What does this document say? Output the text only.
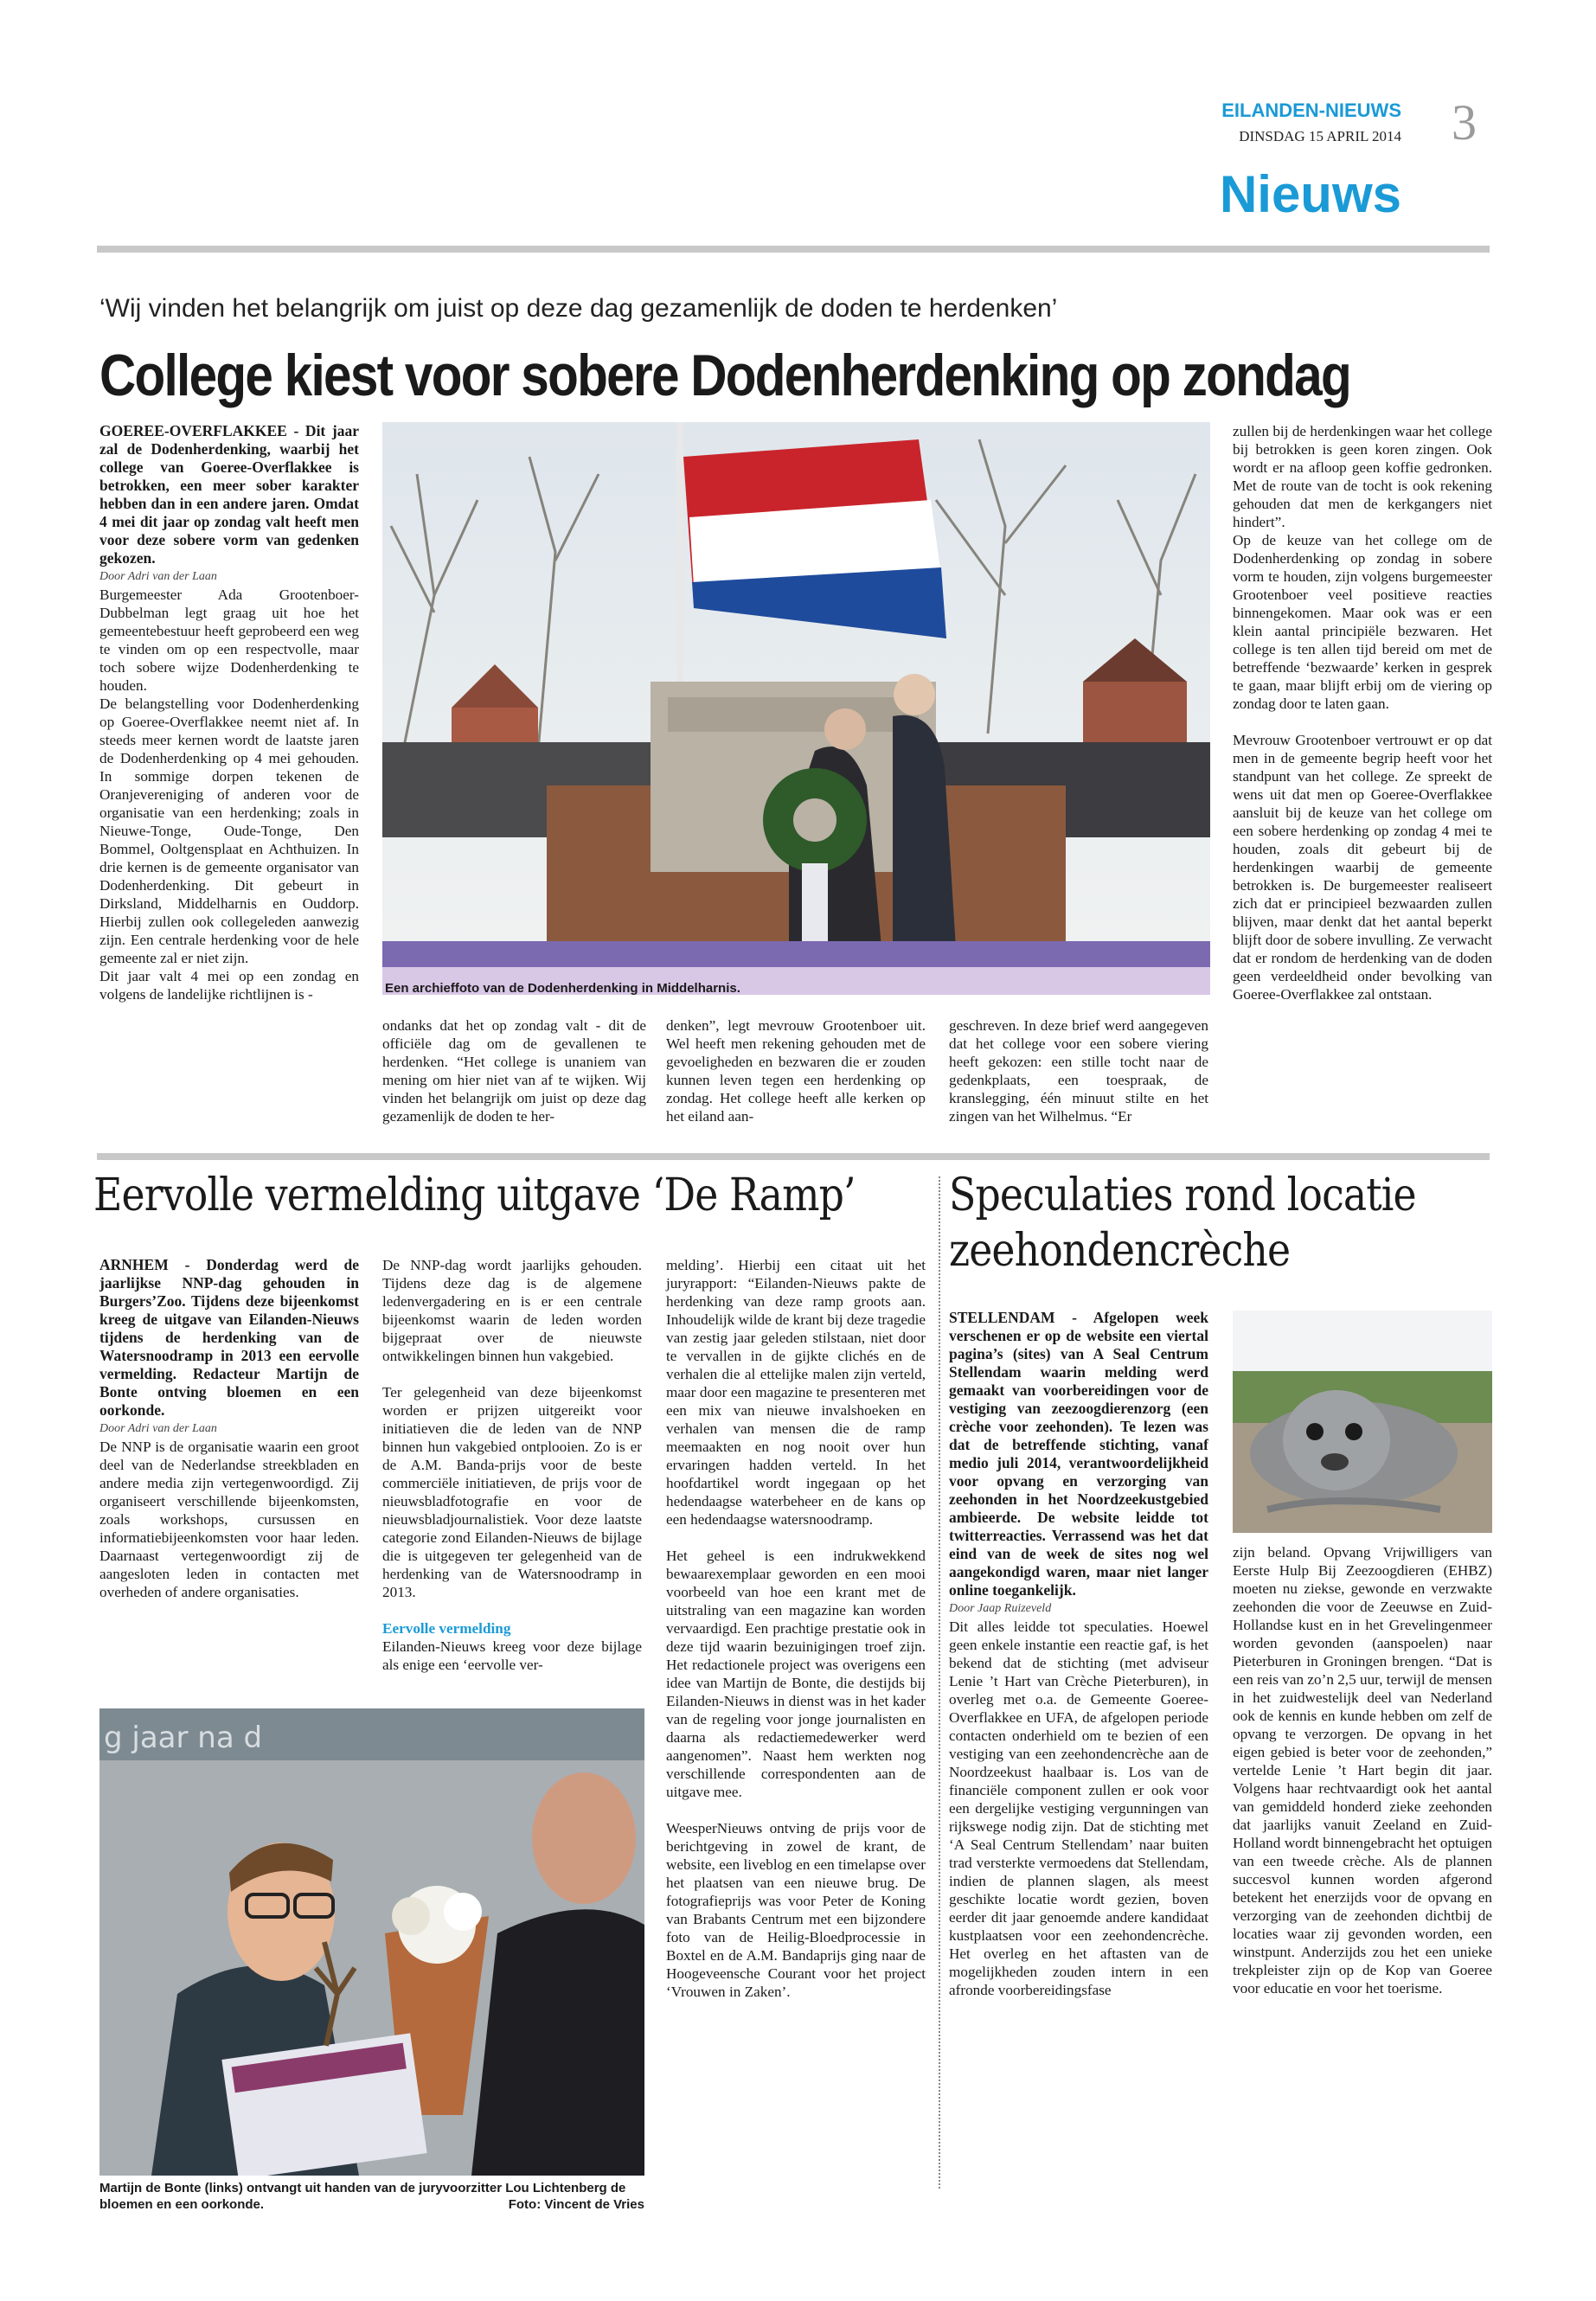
EILANDEN-NIEUWS
DINSDAG 15 APRIL 2014 3
Nieuws
‘Wij vinden het belangrijk om juist op deze dag gezamenlijk de doden te herdenken’
College kiest voor sobere Dodenherdenking op zondag

GOEREE-OVERFLAKKEE - Dit jaar zal de Dodenherdenking, waarbij het college van Goeree-Overflakkee is betrokken, een meer sober karakter hebben dan in een andere jaren. Omdat 4 mei dit jaar op zondag valt heeft men voor deze sobere vorm van gedenken gekozen.

Door Adri van der Laan

Burgemeester Ada Grootenboer-Dubbelman legt graag uit hoe het gemeentebestuur heeft geprobeerd een weg te vinden om op een respectvolle, maar toch sobere wijze Dodenherdenking te houden.

De belangstelling voor Dodenherdenking op Goeree-Overflakkee neemt niet af. In steeds meer kernen wordt de laatste jaren de Dodenherdenking op 4 mei gehouden. In sommige dorpen tekenen de Oranjevereniging of anderen voor de organisatie van een herdenking; zoals in Nieuwe-Tonge, Oude-Tonge, Den Bommel, Ooltgensplaat en Achthuizen. In drie kernen is de gemeente organisator van Dodenherdenking. Dit gebeurt in Dirksland, Middelharnis en Ouddorp. Hierbij zullen ook collegeleden aanwezig zijn. Een centrale herdenking voor de hele gemeente zal er niet zijn.

Dit jaar valt 4 mei op een zondag en volgens de landelijke richtlijnen is -	Een archieffoto van de Dodenherdenking in Middelharnis.
ondanks dat het op zondag valt - dit de officiële dag om de gevallenen te herdenken. “Het college is unaniem van mening om hier niet van af te wijken. Wij vinden het belangrijk om juist op deze dag gezamenlijk de doden te her-
denken”, legt mevrouw Grootenboer uit. Wel heeft men rekening gehouden met de gevoeligheden en bezwaren die er zouden kunnen leven tegen een herdenking op zondag. Het college heeft alle kerken op het eiland aan-
geschreven. In deze brief werd aangegeven dat het college voor een sobere viering heeft gekozen: een stille tocht naar de gedenkplaats, een toespraak, de kranslegging, één minuut stilte en het zingen van het Wilhelmus. “Er

zullen bij de herdenkingen waar het college bij betrokken is geen koren zingen. Ook wordt er na afloop geen koffie gedronken. Met de route van de tocht is ook rekening gehouden dat men de kerkgangers niet hindert”.

Op de keuze van het college om de Dodenherdenking op zondag in sobere vorm te houden, zijn volgens burgemeester Grootenboer veel positieve reacties binnengekomen. Maar ook was er een klein aantal principiële bezwaren. Het college is ten allen tijd bereid om met de betreffende ‘bezwaarde’ kerken in gesprek te gaan, maar blijft erbij om de viering op zondag door te laten gaan.

Mevrouw Grootenboer vertrouwt er op dat men in de gemeente begrip heeft voor het standpunt van het college. Ze spreekt de wens uit dat men op Goeree-Overflakkee aansluit bij de keuze van het college om een sobere herdenking op zondag 4 mei te houden, zoals dit gebeurt bij de herdenkingen waarbij de gemeente betrokken is. De burgemeester realiseert zich dat er principieel bezwaarden zullen blijven, maar denkt dat het aantal beperkt blijft door de sobere invulling. Ze verwacht dat er rondom de herdenking van de doden geen verdeeldheid onder bevolking van Goeree-Overflakkee zal ontstaan.

Eervolle vermelding uitgave ‘De Ramp’

ARNHEM - Donderdag werd de jaarlijkse NNP-dag gehouden in Burgers’Zoo. Tijdens deze bijeenkomst kreeg de uitgave van Eilanden-Nieuws tijdens de herdenking van de Watersnoodramp in 2013 een eervolle vermelding. Redacteur Martijn de Bonte ontving bloemen en een oorkonde.

Door Adri van der Laan

De NNP is de organisatie waarin een groot deel van de Nederlandse streekbladen en andere media zijn vertegenwoordigd. Zij organiseert verschillende bijeenkomsten, zoals workshops, cursussen en informatiebijeenkomsten voor haar leden. Daarnaast vertegenwoordigt zij de aangesloten leden in contacten met overheden of andere organisaties.

De NNP-dag wordt jaarlijks gehouden. Tijdens deze dag is de algemene ledenvergadering en is er een centrale bijeenkomst waarin de leden worden bijgepraat over de nieuwste ontwikkelingen binnen hun vakgebied.

Ter gelegenheid van deze bijeenkomst worden er prijzen uitgereikt voor initiatieven die de leden van de NNP binnen hun vakgebied ontplooien. Zo is er de A.M. Banda-prijs voor de beste commerciële initiatieven, de prijs voor de nieuwsbladfotografie en voor de nieuwsbladjournalistiek. Voor deze laatste categorie zond Eilanden-Nieuws de bijlage die is uitgegeven ter gelegenheid van de herdenking van de Watersnoodramp in 2013.

Eervolle vermelding

Eilanden-Nieuws kreeg voor deze bijlage als enige een ‘eervolle ver-

melding’. Hierbij een citaat uit het juryrapport: “Eilanden-Nieuws pakte de herdenking van deze ramp groots aan. Inhoudelijk wilde de krant bij deze tragedie van zestig jaar geleden stilstaan, niet door te vervallen in de gijkte clichés en de verhalen die al ettelijke malen zijn verteld, maar door een magazine te presenteren met een mix van nieuwe invalshoeken en verhalen van mensen die de ramp meemaakten en nog nooit over hun ervaringen hadden verteld. In het hoofdartikel wordt ingegaan op het hedendaagse waterbeheer en de kans op een hedendaagse watersnoodramp.

Het geheel is een indrukwekkend bewaarexemplaar geworden en een mooi voorbeeld van hoe een krant met de uitstraling van een magazine kan worden vervaardigd. Een prachtige prestatie ook in deze tijd waarin bezuinigingen troef zijn. Het redactionele project was overigens een idee van Martijn de Bonte, die destijds bij Eilanden-Nieuws in dienst was in het kader van de regeling voor jonge journalisten en daarna als redactiemedewerker werd aangenomen”. Naast hem werkten nog verschillende correspondenten aan de uitgave mee.

WeesperNieuws ontving de prijs voor de berichtgeving in zowel de krant, de website, een liveblog en een timelapse over het plaatsen van een nieuwe brug. De fotografieprijs was voor Peter de Koning van Brabants Centrum met een bijzondere foto van de Heilig-Bloedprocessie in Boxtel en de A.M. Bandaprijs ging naar de Hoogeveensche Courant voor het project ‘Vrouwen in Zaken’.

g jaar na d
Martijn de Bonte (links) ontvangt uit handen van de juryvoorzitter Lou Lichtenberg de bloemen en een oorkonde.	Foto: Vincent de Vries
Speculaties rond locatie
zeehondencrèche

STELLENDAM - Afgelopen week verschenen er op de website een viertal pagina’s (sites) van A Seal Centrum Stellendam waarin melding werd gemaakt van voorbereidingen voor de vestiging van zeezoogdierenzorg (een crèche voor zeehonden). Te lezen was dat de betreffende stichting, vanaf medio juli 2014, verantwoordelijkheid voor opvang en verzorging van zeehonden in het Noordzeekustgebied ambieerde. De website leidde tot twitterreacties. Verrassend was het dat eind van de week de sites nog wel aangekondigd waren, maar niet langer online toegankelijk.

Door Jaap Ruizeveld

Dit alles leidde tot speculaties. Hoewel geen enkele instantie een reactie gaf, is het bekend dat de stichting (met adviseur Lenie ’t Hart van Crèche Pieterburen), in overleg met o.a. de Gemeente Goeree-Overflakkee en UFA, de afgelopen periode contacten onderhield om te bezien of een vestiging van een zeehondencrèche aan de Noordzeekust haalbaar is. Los van de financiële component zullen er ook voor een dergelijke vestiging vergunningen van rijkswege nodig zijn. Dat de stichting met ‘A Seal Centrum Stellendam’ naar buiten trad versterkte vermoedens dat Stellendam, indien de plannen slagen, als meest geschikte locatie wordt gezien, boven eerder dit jaar genoemde andere kandidaat kustplaatsen voor een zeehondencrèche. Het overleg en het aftasten van de mogelijkheden zouden intern in een afronde voorbereidingsfase

zijn beland. Opvang Vrijwilligers van Eerste Hulp Bij Zeezoogdieren (EHBZ) moeten nu ziekse, gewonde en verzwakte zeehonden die voor de Zeeuwse en Zuid-Hollandse kust en in het Grevelingenmeer worden gevonden (aanspoelen) naar Pieterburen in Groningen brengen. “Dat is een reis van zo’n 2,5 uur, terwijl de mensen in het zuidwestelijk deel van Nederland ook de kennis en kunde hebben om zelf de opvang te verzorgen. De opvang in het eigen gebied is beter voor de zeehonden,” vertelde Lenie ’t Hart begin dit jaar. Volgens haar rechtvaardigt ook het aantal van gemiddeld honderd zieke zeehonden dat jaarlijks vanuit Zeeland en Zuid-Holland wordt binnengebracht het optuigen van een tweede crèche. Als de plannen succesvol kunnen worden afgerond betekent het enerzijds voor de opvang en verzorging van de zeehonden dichtbij de locaties waar zij gevonden worden, een winstpunt. Anderzijds zou het een unieke trekpleister zijn op de Kop van Goeree voor educatie en voor het toerisme.
